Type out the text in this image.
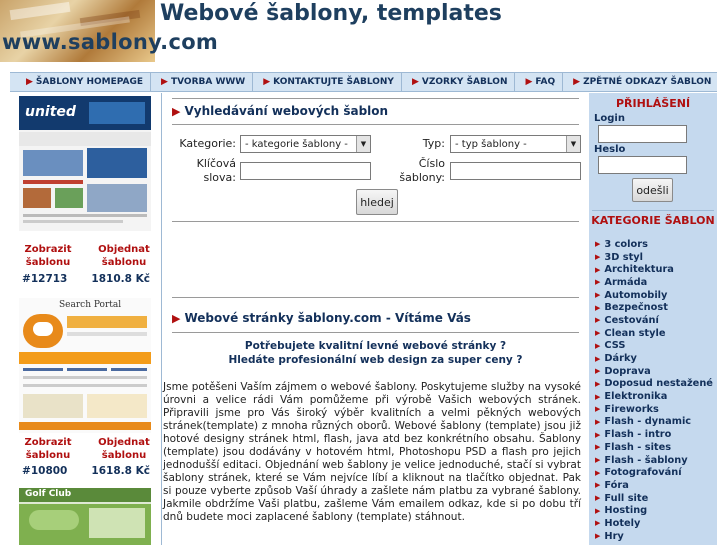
www.sablony.com
Webové šablony, templates
▶ ŠABLONY HOMEPAGE ▶ TVORBA WWW ▶ KONTAKTUJTE ŠABLONY ▶ VZORKY ŠABLON ▶ FAQ ▶ ZPĚTNÉ ODKAZY ŠABLON
united
Zobrazit šablonu
Objednat šablonu
#12713 1810.8 Kč
Search Portal
Zobrazit šablonu
Objednat šablonu
#10800 1618.8 Kč
Golf Club
▶ Vyhledávání webových šablon
Kategorie: - kategorie šablony -	▼	Typ: - typ šablony -	▼
Klíčová
slova:
Číslo
šablony:
hledej
▶ Webové stránky šablony.com - Vítáme Vás
Potřebujete kvalitní levné webové stránky ?
Hledáte profesionální web design za super ceny ?
Jsme potěšeni Vaším zájmem o webové šablony. Poskytujeme služby na vysoké úrovni a velice rádi Vám pomůžeme při výrobě Vašich webových stránek. Připravili jsme pro Vás široký výběr kvalitních a velmi pěkných webových stránek(template) z mnoha různých oborů. Webové šablony (template) jsou již hotové designy stránek html, flash, java atd bez konkrétního obsahu. Šablony (template) jsou dodávány v hotovém html, Photoshopu PSD a flash pro jejich jednodušší editaci. Objednání web šablony je velice jednoduché, stačí si vybrat šablony stránek, které se Vám nejvíce líbí a kliknout na tlačítko objednat. Pak si pouze vyberte způsob Vaší úhrady a zašlete nám platbu za vybrané šablony. Jakmile obdržíme Vaši platbu, zašleme Vám emailem odkaz, kde si po dobu tří dnů budete moci zaplacené šablony (template) stáhnout.
PŘIHLÁŠENÍ
Login
Heslo
odešli
KATEGORIE ŠABLON
▶ 3 colors
▶ 3D styl
▶ Architektura
▶ Armáda
▶ Automobily
▶ Bezpečnost
▶ Cestování
▶ Clean style
▶ CSS
▶ Dárky
▶ Doprava
▶ Doposud nestažené
▶ Elektronika
▶ Fireworks
▶ Flash - dynamic
▶ Flash - intro
▶ Flash - sites
▶ Flash - šablony
▶ Fotografování
▶ Fóra
▶ Full site
▶ Hosting
▶ Hotely
▶ Hry
